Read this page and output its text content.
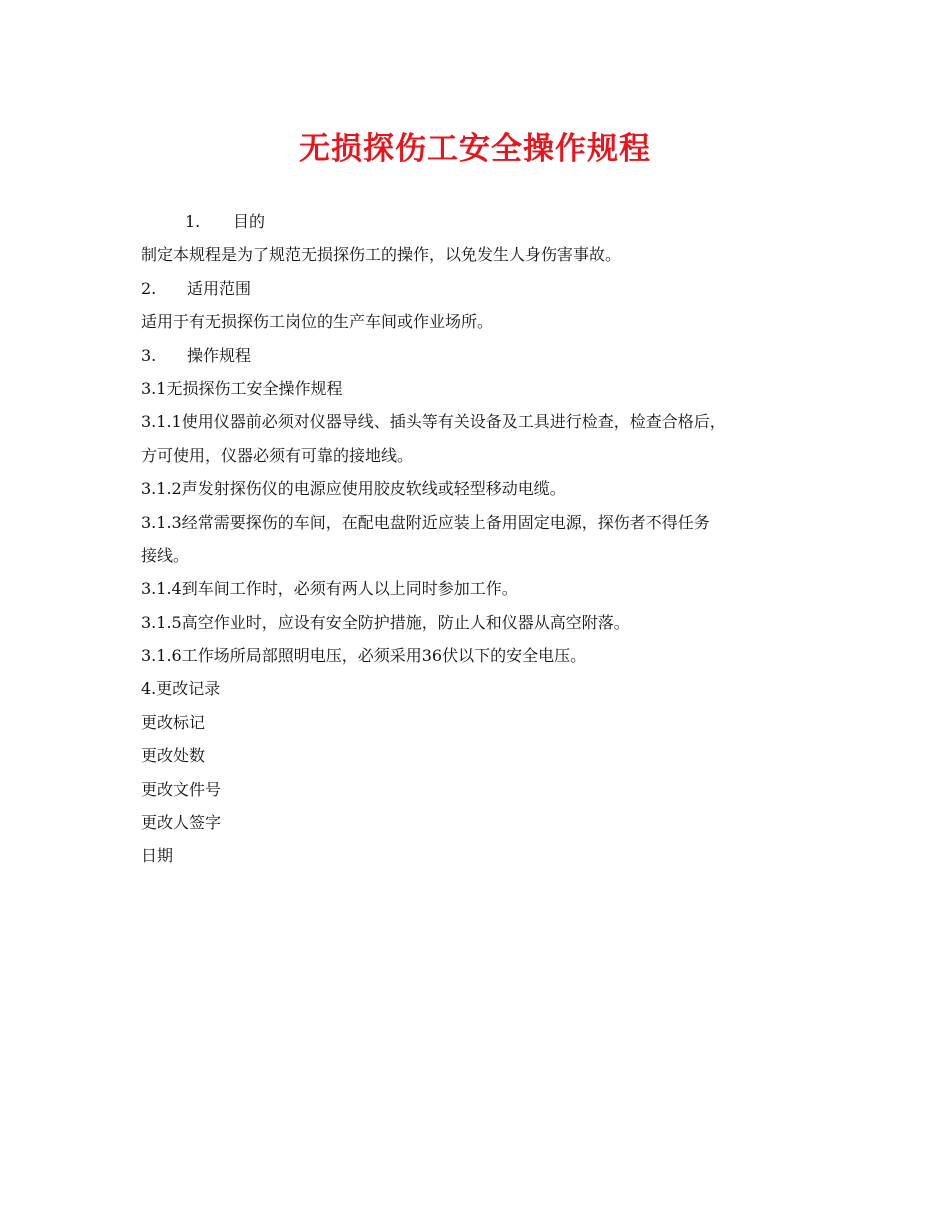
无损探伤工安全操作规程

1. 目的

制定本规程是为了规范无损探伤工的操作，以免发生人身伤害事故。

2. 适用范围

适用于有无损探伤工岗位的生产车间或作业场所。

3. 操作规程

3.1无损探伤工安全操作规程

3.1.1使用仪器前必须对仪器导线、插头等有关设备及工具进行检查，检查合格后，

方可使用，仪器必须有可靠的接地线。

3.1.2声发射探伤仪的电源应使用胶皮软线或轻型移动电缆。

3.1.3经常需要探伤的车间，在配电盘附近应装上备用固定电源，探伤者不得任务

接线。

3.1.4到车间工作时，必须有两人以上同时参加工作。

3.1.5高空作业时，应设有安全防护措施，防止人和仪器从高空附落。

3.1.6工作场所局部照明电压，必须采用36伏以下的安全电压。

4.更改记录

更改标记

更改处数

更改文件号

更改人签字

日期
